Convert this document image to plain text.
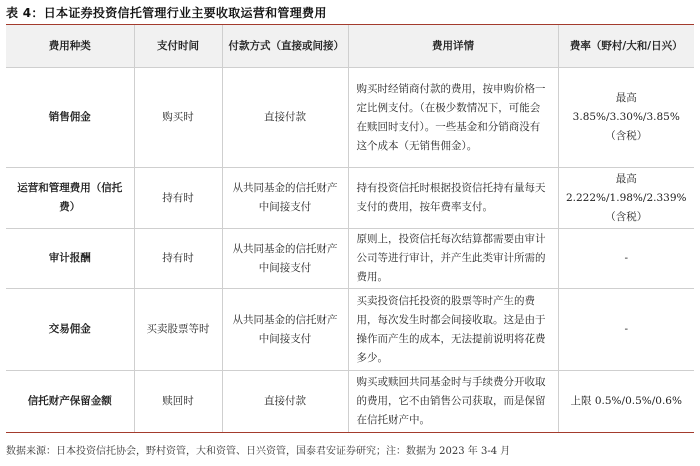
表 4：日本证券投资信托管理行业主要收取运营和管理费用
费用种类	支付时间	付款方式（直接或间接）	费用详情	费率（野村/大和/日兴）
销售佣金	购买时	直接付款	购买时经销商付款的费用，按申购价格一定比例支付。（在极少数情况下，可能会在赎回时支付）。一些基金和分销商没有这个成本（无销售佣金）。	最高3.85%/3.30%/3.85%（含税）
运营和管理费用（信托费）	持有时	从共同基金的信托财产中间接支付	持有投资信托时根据投资信托持有量每天支付的费用，按年费率支付。	最高2.222%/1.98%/2.339%（含税）
审计报酬	持有时	从共同基金的信托财产中间接支付	原则上，投资信托每次结算都需要由审计公司等进行审计，并产生此类审计所需的费用。	-
交易佣金	买卖股票等时	从共同基金的信托财产中间接支付	买卖投资信托投资的股票等时产生的费用，每次发生时都会间接收取。这是由于操作而产生的成本，无法提前说明将花费多少。	-
信托财产保留金额	赎回时	直接付款	购买或赎回共同基金时与手续费分开收取的费用，它不由销售公司获取，而是保留在信托财产中。	上限 0.5%/0.5%/0.6%
数据来源：日本投资信托协会，野村资管，大和资管、日兴资管，国泰君安证券研究；注：数据为 2023 年 3-4 月
